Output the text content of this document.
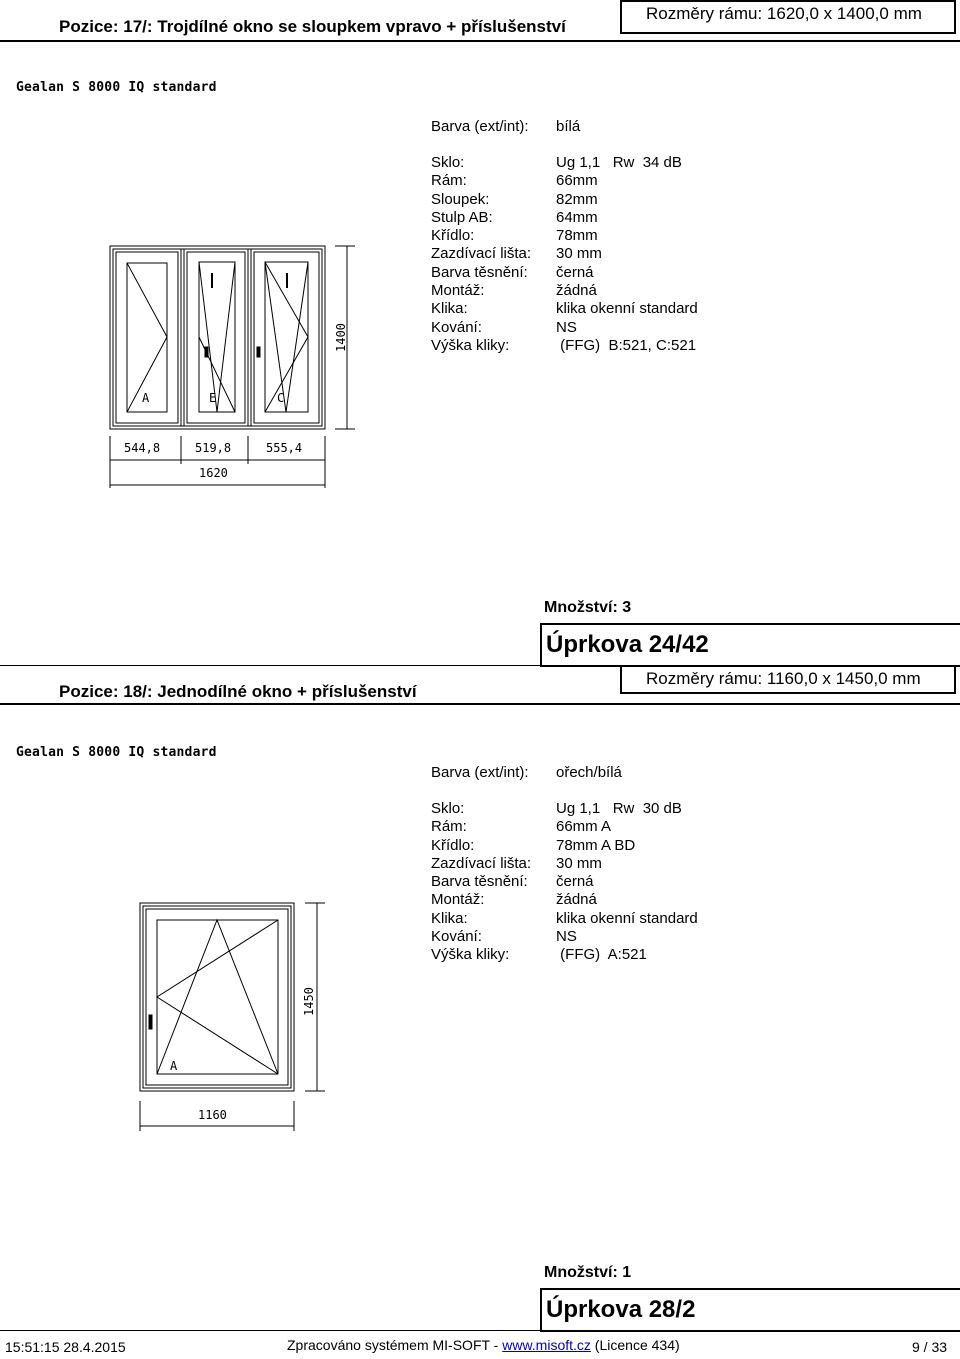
Pozice: 17/: Trojdílné okno se sloupkem vpravo + příslušenství
Rozměry rámu: 1620,0 x 1400,0 mm
Gealan S 8000 IQ standard
Barva (ext/int): bílá
Sklo:	Ug 1,1   Rw  34 dB
Rám:	66mm
Sloupek:	82mm
Stulp AB:	64mm
Křídlo:	78mm
Zazdívací lišta: 30 mm
Barva těsnění: černá
Montáž:	žádná
Klika:	klika okenní standard
Kování:	NS
Výška kliky:	(FFG)  B:521, C:521
A	E	C
1400
544,8	519,8	555,4
1620
Množství: 3
Úprkova 24/42
Pozice: 18/: Jednodílné okno + příslušenství
Rozměry rámu: 1160,0 x 1450,0 mm
Gealan S 8000 IQ standard
Barva (ext/int): ořech/bílá
Sklo:	Ug 1,1   Rw  30 dB
Rám:	66mm A
Křídlo:	78mm A BD
Zazdívací lišta: 30 mm
Barva těsnění: černá
Montáž:	žádná
Klika:	klika okenní standard
Kování:	NS
Výška kliky:	(FFG)  A:521
A
1450
1160
Množství: 1
Úprkova 28/2
15:51:15 28.4.2015	Zpracováno systémem MI-SOFT - www.misoft.cz (Licence 434)	9 / 33
